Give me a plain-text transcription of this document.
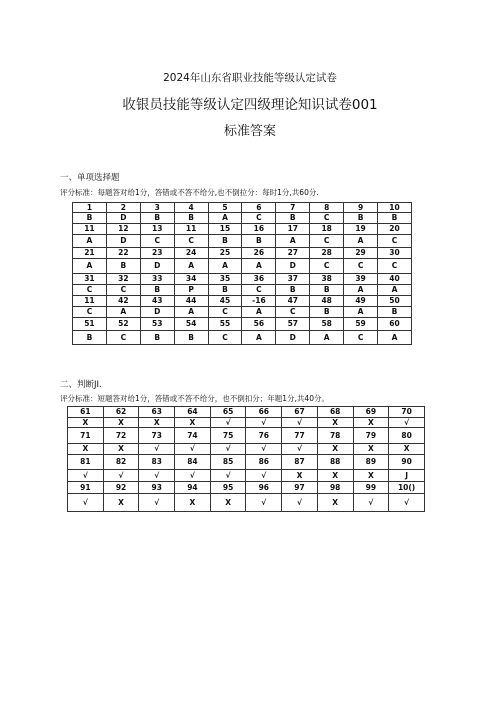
2024年山东省职业技能等级认定试卷
收银员技能等级认定四级理论知识试卷001
标准答案
一、单项选择题
评分标准：每题答对给1分，答错或不答不给分,也不倒拉分：每时1分,共60分.
1	2	3	4	5	6	7	8	9	10
B	D	B	B	A	C	B	C	B	B
11	12	13	11	15	16	17	18	19	20
A	D	C	C	B	B	A	C	A	C
21	22	23	24	25	26	27	28	29	30
A	B	D	A	A	A	D	C	C	C
31	32	33	34	35	36	37	38	39	40
C	C	B	P	B	C	B	B	A	A
11	42	43	44	45	-16	47	48	49	50
C	A	D	A	C	A	C	B	A	B
51	52	53	54	55	56	57	58	59	60
B	C	B	B	C	A	D	A	C	A
二、判断JI.
评分标准：短题答对给1分，答错或不答不给分，也不倒扣分；年题1分,共40分。
61	62	63	64	65	66	67	68	69	70
X	X	X	X	√	√	√	X	X	√
71	72	73	74	75	76	77	78	79	80
X	X	√	√	√	√	√	X	X	X
81	82	83	84	85	86	87	88	89	90
√	√	√	√	√	√	X	X	X	J
91	92	93	94	95	96	97	98	99	10()
√	X	√	X	X	√	√	X	√	√
